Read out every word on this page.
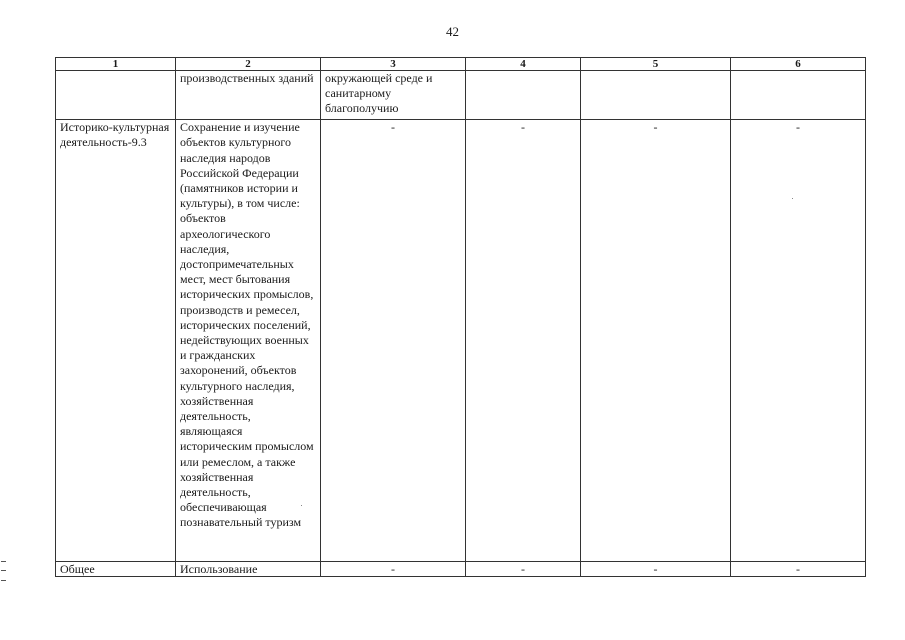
42
1	2	3	4	5	6
	производственных зданий	окружающей среде и санитарному благополучию			
Историко-культурная деятельность-9.3	Сохранение и изучение объектов культурного наследия народов Российской Федерации (памятников истории и культуры), в том числе: объектов археологического наследия, достопримечательных мест, мест бытования исторических промыслов, производств и ремесел, исторических поселений, недействующих военных и гражданских захоронений, объектов культурного наследия, хозяйственная деятельность, являющаяся историческим промыслом или ремеслом, а также хозяйственная деятельность, обеспечивающая познавательный туризм	-	-	-	-
Общее	Использование	-	-	-	-
